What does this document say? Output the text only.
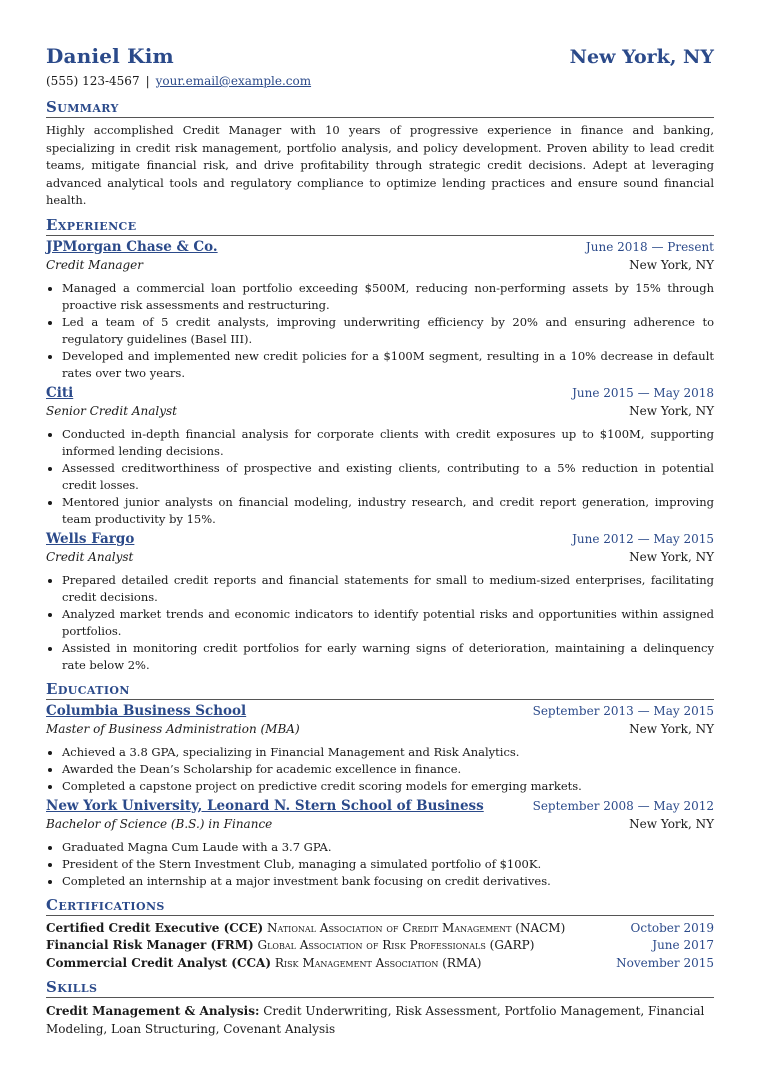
Daniel Kim	New York, NY
(555) 123-4567 | your.email@example.com
Summary
Highly accomplished Credit Manager with 10 years of progressive experience in finance and banking, specializing in credit risk management, portfolio analysis, and policy development. Proven ability to lead credit teams, mitigate financial risk, and drive profitability through strategic credit decisions. Adept at leveraging advanced analytical tools and regulatory compliance to optimize lending practices and ensure sound financial health.
Experience
JPMorgan Chase & Co.	June 2018 — Present
Credit Manager	New York, NY
• Managed a commercial loan portfolio exceeding $500M, reducing non-performing assets by 15% through proactive risk assessments and restructuring.
• Led a team of 5 credit analysts, improving underwriting efficiency by 20% and ensuring adherence to regulatory guidelines (Basel III).
• Developed and implemented new credit policies for a $100M segment, resulting in a 10% decrease in default rates over two years.
Citi	June 2015 — May 2018
Senior Credit Analyst	New York, NY
• Conducted in-depth financial analysis for corporate clients with credit exposures up to $100M, supporting informed lending decisions.
• Assessed creditworthiness of prospective and existing clients, contributing to a 5% reduction in potential credit losses.
• Mentored junior analysts on financial modeling, industry research, and credit report generation, improving team productivity by 15%.
Wells Fargo	June 2012 — May 2015
Credit Analyst	New York, NY
• Prepared detailed credit reports and financial statements for small to medium-sized enterprises, facilitating credit decisions.
• Analyzed market trends and economic indicators to identify potential risks and opportunities within assigned portfolios.
• Assisted in monitoring credit portfolios for early warning signs of deterioration, maintaining a delinquency rate below 2%.
Education
Columbia Business School	September 2013 — May 2015
Master of Business Administration (MBA)	New York, NY
• Achieved a 3.8 GPA, specializing in Financial Management and Risk Analytics.
• Awarded the Dean’s Scholarship for academic excellence in finance.
• Completed a capstone project on predictive credit scoring models for emerging markets.
New York University, Leonard N. Stern School of Business	September 2008 — May 2012
Bachelor of Science (B.S.) in Finance	New York, NY
• Graduated Magna Cum Laude with a 3.7 GPA.
• President of the Stern Investment Club, managing a simulated portfolio of $100K.
• Completed an internship at a major investment bank focusing on credit derivatives.
Certifications
Certified Credit Executive (CCE) National Association of Credit Management (NACM)	October 2019
Financial Risk Manager (FRM) Global Association of Risk Professionals (GARP)	June 2017
Commercial Credit Analyst (CCA) Risk Management Association (RMA)	November 2015
Skills
Credit Management & Analysis: Credit Underwriting, Risk Assessment, Portfolio Management, Financial Modeling, Loan Structuring, Covenant Analysis
